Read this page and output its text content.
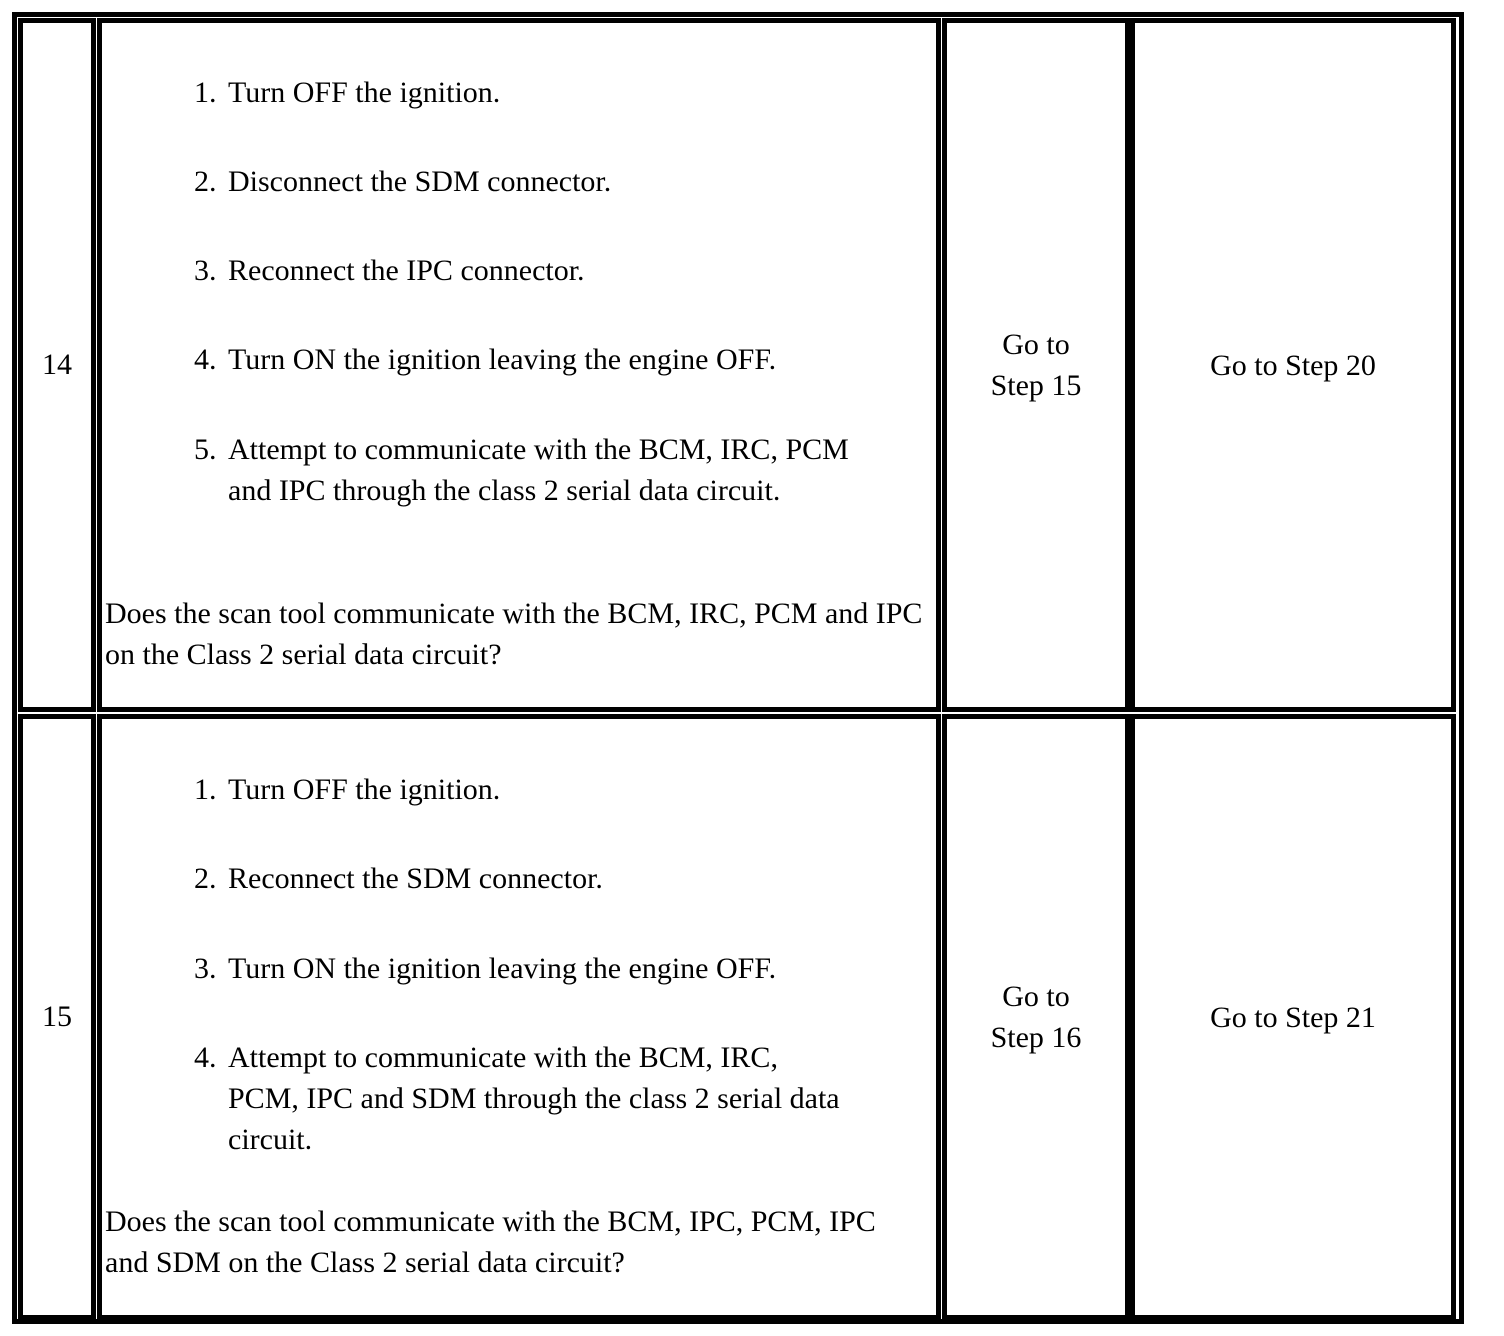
14
1. Turn OFF the ignition.
2. Disconnect the SDM connector.
3. Reconnect the IPC connector.
4. Turn ON the ignition leaving the engine OFF.
5. Attempt to communicate with the BCM, IRC, PCM and IPC through the class 2 serial data circuit.
Does the scan tool communicate with the BCM, IRC, PCM and IPC on the Class 2 serial data circuit?
Go to
Step 15
Go to Step 20
15
1. Turn OFF the ignition.
2. Reconnect the SDM connector.
3. Turn ON the ignition leaving the engine OFF.
4. Attempt to communicate with the BCM, IRC, PCM, IPC and SDM through the class 2 serial data circuit.
Does the scan tool communicate with the BCM, IPC, PCM, IPC and SDM on the Class 2 serial data circuit?
Go to
Step 16
Go to Step 21
